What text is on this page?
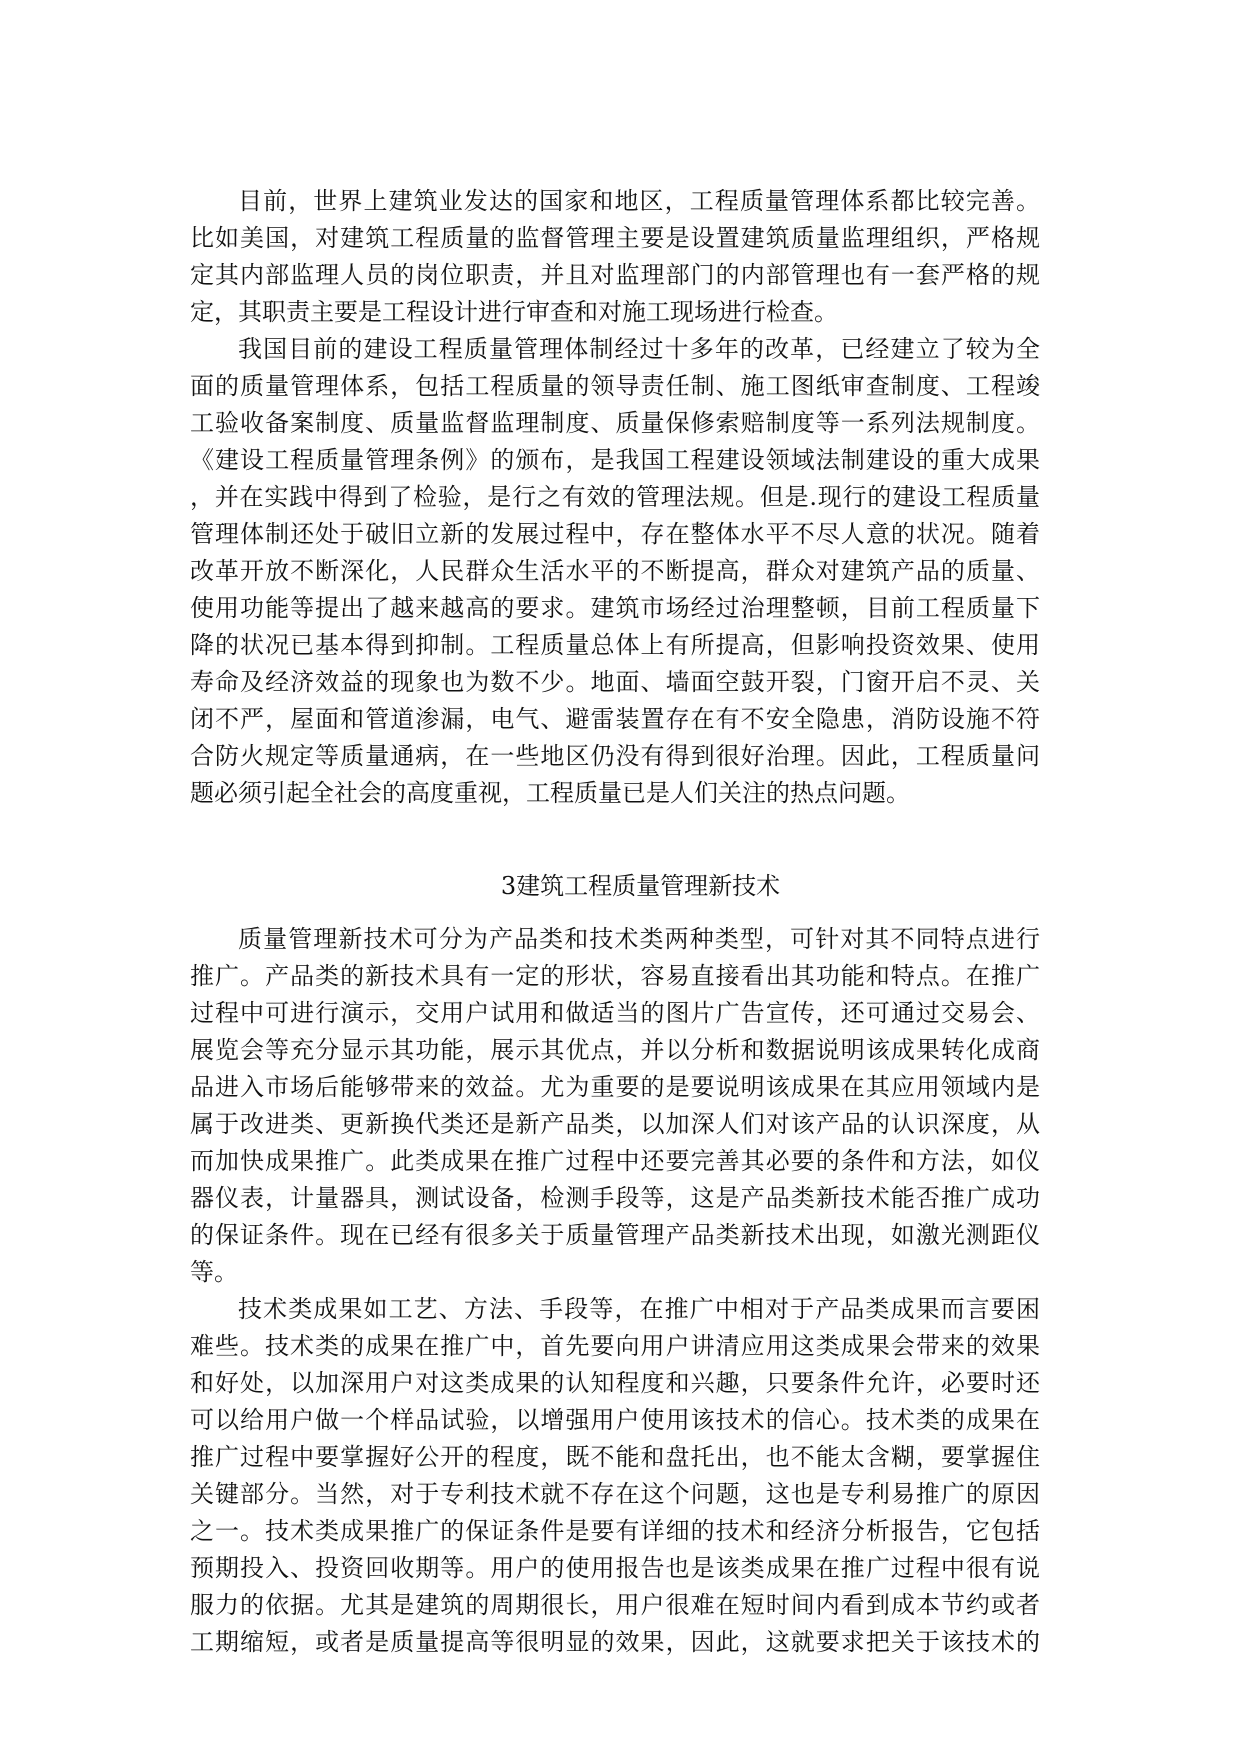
目前，世界上建筑业发达的国家和地区，工程质量管理体系都比较完善。
比如美国，对建筑工程质量的监督管理主要是设置建筑质量监理组织，严格规
定其内部监理人员的岗位职责，并且对监理部门的内部管理也有一套严格的规
定，其职责主要是工程设计进行审查和对施工现场进行检查。
我国目前的建设工程质量管理体制经过十多年的改革，已经建立了较为全
面的质量管理体系，包括工程质量的领导责任制、施工图纸审查制度、工程竣
工验收备案制度、质量监督监理制度、质量保修索赔制度等一系列法规制度。
《建设工程质量管理条例》的颁布，是我国工程建设领域法制建设的重大成果
，并在实践中得到了检验，是行之有效的管理法规。但是.现行的建设工程质量
管理体制还处于破旧立新的发展过程中，存在整体水平不尽人意的状况。随着
改革开放不断深化，人民群众生活水平的不断提高，群众对建筑产品的质量、
使用功能等提出了越来越高的要求。建筑市场经过治理整顿，目前工程质量下
降的状况已基本得到抑制。工程质量总体上有所提高，但影响投资效果、使用
寿命及经济效益的现象也为数不少。地面、墙面空鼓开裂，门窗开启不灵、关
闭不严，屋面和管道渗漏，电气、避雷装置存在有不安全隐患，消防设施不符
合防火规定等质量通病，在一些地区仍没有得到很好治理。因此，工程质量问
题必须引起全社会的高度重视，工程质量已是人们关注的热点问题。
3建筑工程质量管理新技术
质量管理新技术可分为产品类和技术类两种类型，可针对其不同特点进行
推广。产品类的新技术具有一定的形状，容易直接看出其功能和特点。在推广
过程中可进行演示，交用户试用和做适当的图片广告宣传，还可通过交易会、
展览会等充分显示其功能，展示其优点，并以分析和数据说明该成果转化成商
品进入市场后能够带来的效益。尤为重要的是要说明该成果在其应用领域内是
属于改进类、更新换代类还是新产品类，以加深人们对该产品的认识深度，从
而加快成果推广。此类成果在推广过程中还要完善其必要的条件和方法，如仪
器仪表，计量器具，测试设备，检测手段等，这是产品类新技术能否推广成功
的保证条件。现在已经有很多关于质量管理产品类新技术出现，如激光测距仪
等。
技术类成果如工艺、方法、手段等，在推广中相对于产品类成果而言要困
难些。技术类的成果在推广中，首先要向用户讲清应用这类成果会带来的效果
和好处，以加深用户对这类成果的认知程度和兴趣，只要条件允许，必要时还
可以给用户做一个样品试验，以增强用户使用该技术的信心。技术类的成果在
推广过程中要掌握好公开的程度，既不能和盘托出，也不能太含糊，要掌握住
关键部分。当然，对于专利技术就不存在这个问题，这也是专利易推广的原因
之一。技术类成果推广的保证条件是要有详细的技术和经济分析报告，它包括
预期投入、投资回收期等。用户的使用报告也是该类成果在推广过程中很有说
服力的依据。尤其是建筑的周期很长，用户很难在短时间内看到成本节约或者
工期缩短，或者是质量提高等很明显的效果，因此，这就要求把关于该技术的
